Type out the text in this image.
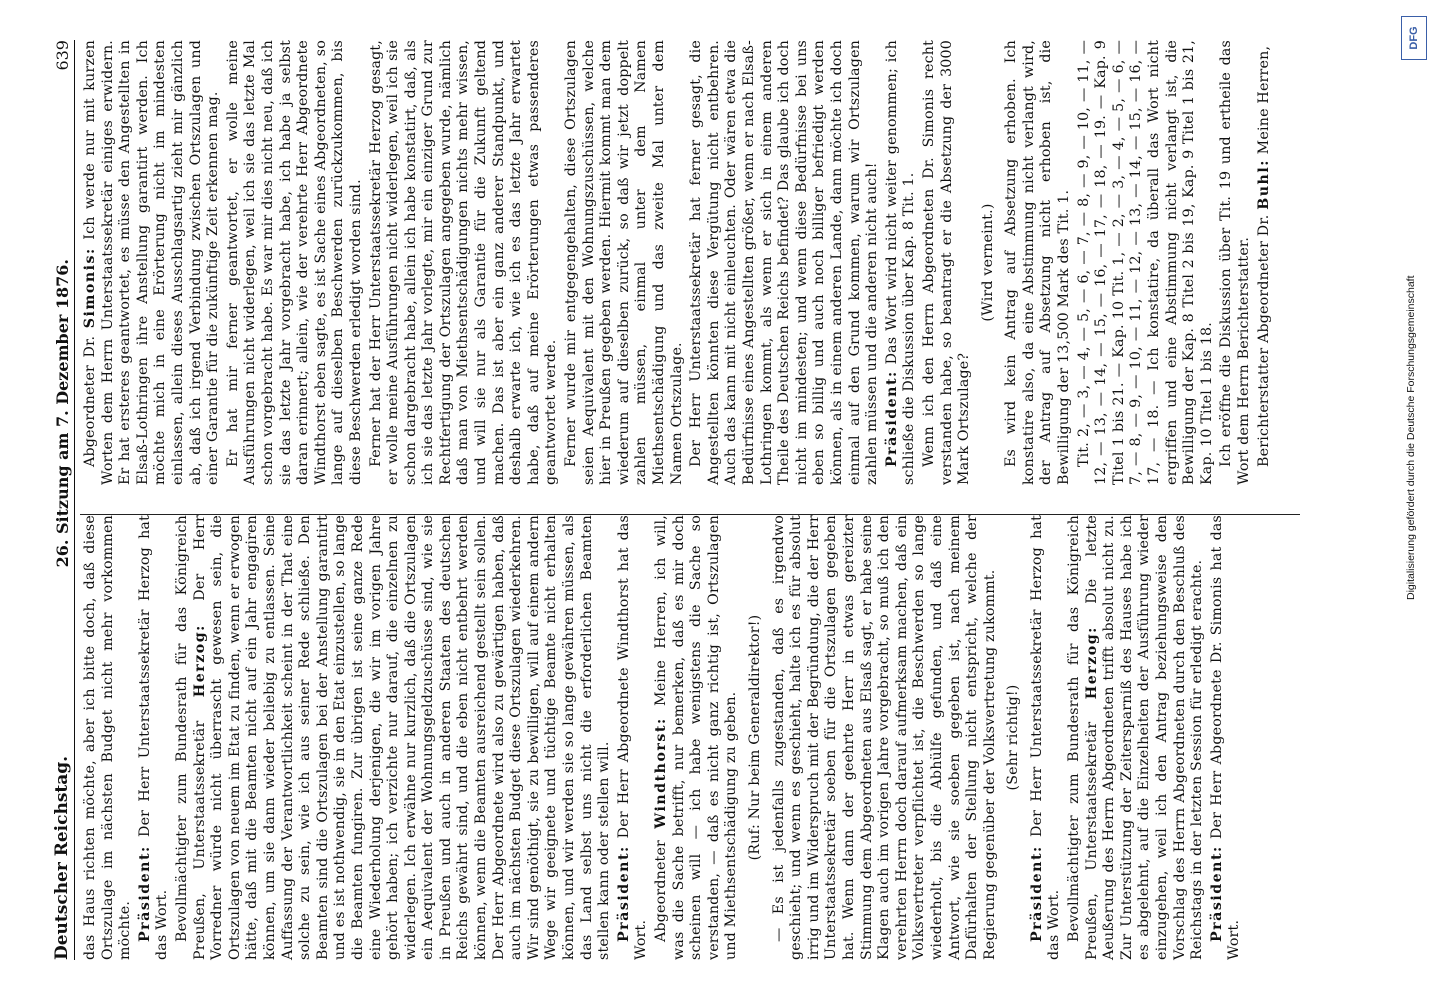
Deutscher Reichstag.
26. Sitzung am 7. Dezember 1876.
639

das Haus richten möchte, aber ich bitte doch, daß diese Ortszulage im nächsten Budget nicht mehr vorkommen möchte. Präsident: Der Herr Unterstaatssekretär Herzog hat das Wort. Bevollmächtigter zum Bundesrath für das Königreich Preußen, Unterstaatssekretär Herzog: Der Herr Vorredner würde nicht überrascht gewesen sein, die Ortszulagen von neuem im Etat zu finden, wenn er erwogen hätte, daß mit die Beamten nicht auf ein Jahr engagiren können, um sie dann wieder beliebig zu entlassen. Seine Auffassung der Verantwortlichkeit scheint in der That eine solche zu sein, wie ich aus seiner Rede schließe. Den Beamten sind die Ortszulagen bei der Anstellung garantirt und es ist nothwendig, sie in den Etat einzustellen, so lange die Beamten fungiren. Zur übrigen ist seine ganze Rede eine Wiederholung derjenigen, die wir im vorigen Jahre gehört haben; ich verzichte nur darauf, die einzelnen zu widerlegen. Ich erwähne nur kurzlich, daß die Ortszulagen ein Aequivalent der Wohnungsgeldzuschüsse sind, wie sie in Preußen und auch in anderen Staaten des deutschen Reichs gewährt sind, und die eben nicht entbehrt werden können, wenn die Beamten ausreichend gestellt sein sollen. Der Herr Abgeordnete wird also zu gewärtigen haben, daß auch im nächsten Budget diese Ortszulagen wiederkehren. Wir sind genöthigt, sie zu bewilligen, will auf einem andern Wege wir geeignete und tüchtige Beamte nicht erhalten können, und wir werden sie so lange gewähren müssen, als das Land selbst uns nicht die erforderlichen Beamten stellen kann oder stellen will. Präsident: Der Herr Abgeordnete Windthorst hat das Wort. Abgeordneter Windthorst: Meine Herren, ich will, was die Sache betrifft, nur bemerken, daß es mir doch scheinen will — ich habe wenigstens die Sache so verstanden, — daß es nicht ganz richtig ist, Ortszulagen und Miethsentschädigung zu geben. (Ruf: Nur beim Generaldirektor!) — Es ist jedenfalls zugestanden, daß es irgendwo geschieht; und wenn es geschieht, halte ich es für absolut irrig und im Widerspruch mit der Begründung, die der Herr Unterstaatssekretär soeben für die Ortszulagen gegeben hat. Wenn dann der geehrte Herr in etwas gereizter Stimmung dem Abgeordneten aus Elsaß sagt, er habe seine Klagen auch im vorigen Jahre vorgebracht, so muß ich den verehrten Herrn doch darauf aufmerksam machen, daß ein Volksvertreter verpflichtet ist, die Beschwerden so lange wiederholt, bis die Abhülfe gefunden, und daß eine Antwort, wie sie soeben gegeben ist, nach meinem Dafürhalten der Stellung nicht entspricht, welche der Regierung gegenüber der Volksvertretung zukommt. (Sehr richtig!)

Präsident: Der Herr Unterstaatssekretär Herzog hat das Wort. Bevollmächtigter zum Bundesrath für das Königreich Preußen, Unterstaatssekretär Herzog: Die letzte Aeußerung des Herrn Abgeordneten trifft absolut nicht zu. Zur Unterstützung der Zeitersparniß des Hauses habe ich es abgelehnt, auf die Einzelheiten der Ausführung wieder einzugehen, weil ich den Antrag beziehungsweise den Vorschlag des Herrn Abgeordneten durch den Beschluß des Reichstags in der letzten Session für erledigt erachte. Präsident: Der Herr Abgeordnete Dr. Simonis hat das Wort.

Abgeordneter Dr. Simonis: Ich werde nur mit kurzen Worten dem Herrn Unterstaatssekretär einiges erwidern. Er hat ersteres geantwortet, es müsse den Angestellten in Elsaß-Lothringen ihre Anstellung garantirt werden. Ich möchte mich in eine Erörterung nicht im mindesten einlassen, allein dieses Ausschlagsartig zieht mir gänzlich ab, daß ich irgend Verbindung zwischen Ortszulagen und einer Garantie für die zukünftige Zeit erkennen mag. Er hat mir ferner geantwortet, er wolle meine Ausführungen nicht widerlegen, weil ich sie das letzte Mal schon vorgebracht habe. Es war mir dies nicht neu, daß ich sie das letzte Jahr vorgebracht habe, ich habe ja selbst daran erinnert; allein, wie der verehrte Herr Abgeordnete Windthorst eben sagte, es ist Sache eines Abgeordneten, so lange auf dieselben Beschwerden zurückzukommen, bis diese Beschwerden erledigt worden sind. Ferner hat der Herr Unterstaatssekretär Herzog gesagt, er wolle meine Ausführungen nicht widerlegen, weil ich sie schon dargebracht habe, allein ich habe konstatirt, daß, als ich sie das letzte Jahr vorlegte, mir ein einziger Grund zur Rechtfertigung der Ortszulagen angegeben wurde, nämlich daß man von Miethsentschädigungen nichts mehr wissen, und will sie nur als Garantie für die Zukunft geltend machen. Das ist aber ein ganz anderer Standpunkt, und deshalb erwarte ich, wie ich es das letzte Jahr erwartet habe, daß auf meine Erörterungen etwas passenderes geantwortet werde. Ferner wurde mir entgegengehalten, diese Ortszulagen seien Aequivalent mit den Wohnungszuschüssen, welche hier in Preußen gegeben werden. Hiermit kommt man dem wiederum auf dieselben zurück, so daß wir jetzt doppelt zahlen müssen, einmal unter dem Namen Miethsentschädigung und das zweite Mal unter dem Namen Ortszulage. Der Herr Unterstaatssekretär hat ferner gesagt, die Angestellten könnten diese Vergütung nicht entbehren. Auch das kann mit nicht einleuchten. Oder wären etwa die Bedürfnisse eines Angestellten größer, wenn er nach Elsaß-Lothringen kommt, als wenn er sich in einem anderen Theile des Deutschen Reichs befindet? Das glaube ich doch nicht im mindesten; und wenn diese Bedürfnisse bei uns eben so billig und auch noch billiger befriedigt werden können, als in einem anderen Lande, dann möchte ich doch einmal auf den Grund kommen, warum wir Ortszulagen zahlen müssen und die anderen nicht auch! Präsident: Das Wort wird nicht weiter genommen; ich schließe die Diskussion über Kap. 8 Tit. 1. Wenn ich den Herrn Abgeordneten Dr. Simonis recht verstanden habe, so beantragt er die Absetzung der 3000 Mark Ortszulage?

(Wird verneint.) Es wird kein Antrag auf Absetzung erhoben. Ich konstatire also, da eine Abstimmung nicht verlangt wird, der Antrag auf Absetzung nicht erhoben ist, die Bewilligung der 13,500 Mark des Tit. 1. Tit. 2, — 3, — 4, — 5, — 6, — 7, — 8, — 9, — 10, — 11, — 12, — 13, — 14, — 15, — 16, — 17, — 18, — 19. — Kap. 9 Titel 1 bis 21. — Kap. 10 Tit. 1, — 2, — 3, — 4, — 5, — 6, — 7, — 8, — 9, — 10, — 11, — 12, — 13, — 14, — 15, — 16, — 17, — 18. — Ich konstatire, da überall das Wort nicht ergriffen und eine Abstimmung nicht verlangt ist, die Bewilligung der Kap. 8 Titel 2 bis 19, Kap. 9 Titel 1 bis 21, Kap. 10 Titel 1 bis 18. Ich eröffne die Diskussion über Tit. 19 und ertheile das Wort dem Herrn Berichterstatter. Berichterstatter Abgeordneter Dr. Buhl: Meine Herren,

Digitalisierung gefördert durch die Deutsche Forschungsgemeinschaft
DFG
